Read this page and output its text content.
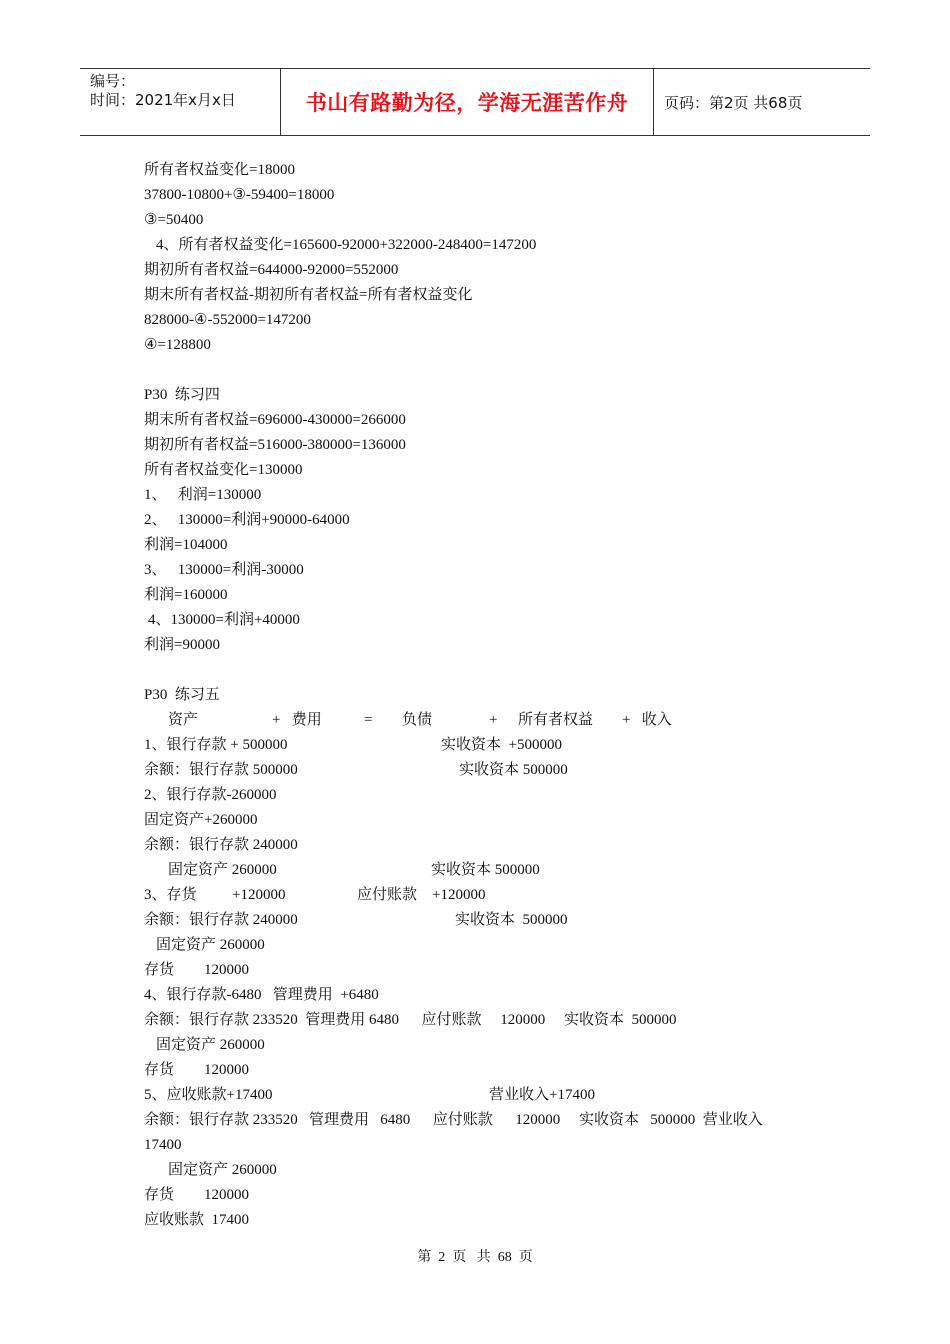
编号：
时间：2021年x月x日	书山有路勤为径，学海无涯苦作舟 页码：第2页 共68页
所有者权益变化=18000
37800-10800+③-59400=18000
③=50400
4、所有者权益变化=165600-92000+322000-248400=147200
期初所有者权益=644000-92000=552000
期末所有者权益-期初所有者权益=所有者权益变化
828000-④-552000=147200
④=128800
P30  练习四
期末所有者权益=696000-430000=266000
期初所有者权益=516000-380000=136000
所有者权益变化=130000
1、   利润=130000
2、   130000=利润+90000-64000
利润=104000
3、   130000=利润-30000
利润=160000
4、130000=利润+40000
利润=90000
P30  练习五
资产	+   费用	= 负债	+ 所有者权益 +   收入
1、银行存款 + 500000	实收资本  +500000
余额：银行存款 500000	实收资本 500000
2、银行存款-260000
固定资产+260000
余额：银行存款 240000
固定资产 260000	实收资本 500000
3、存货 +120000	应付账款    +120000
余额：银行存款 240000	实收资本  500000
固定资产 260000
存货        120000
4、银行存款-6480   管理费用  +6480
余额：银行存款 233520  管理费用 6480      应付账款     120000     实收资本  500000
固定资产 260000
存货        120000
5、应收账款+17400	营业收入+17400
余额：银行存款 233520   管理费用   6480      应付账款      120000     实收资本   500000  营业收入
17400
固定资产 260000
存货        120000
应收账款  17400
第  2  页   共  68  页
